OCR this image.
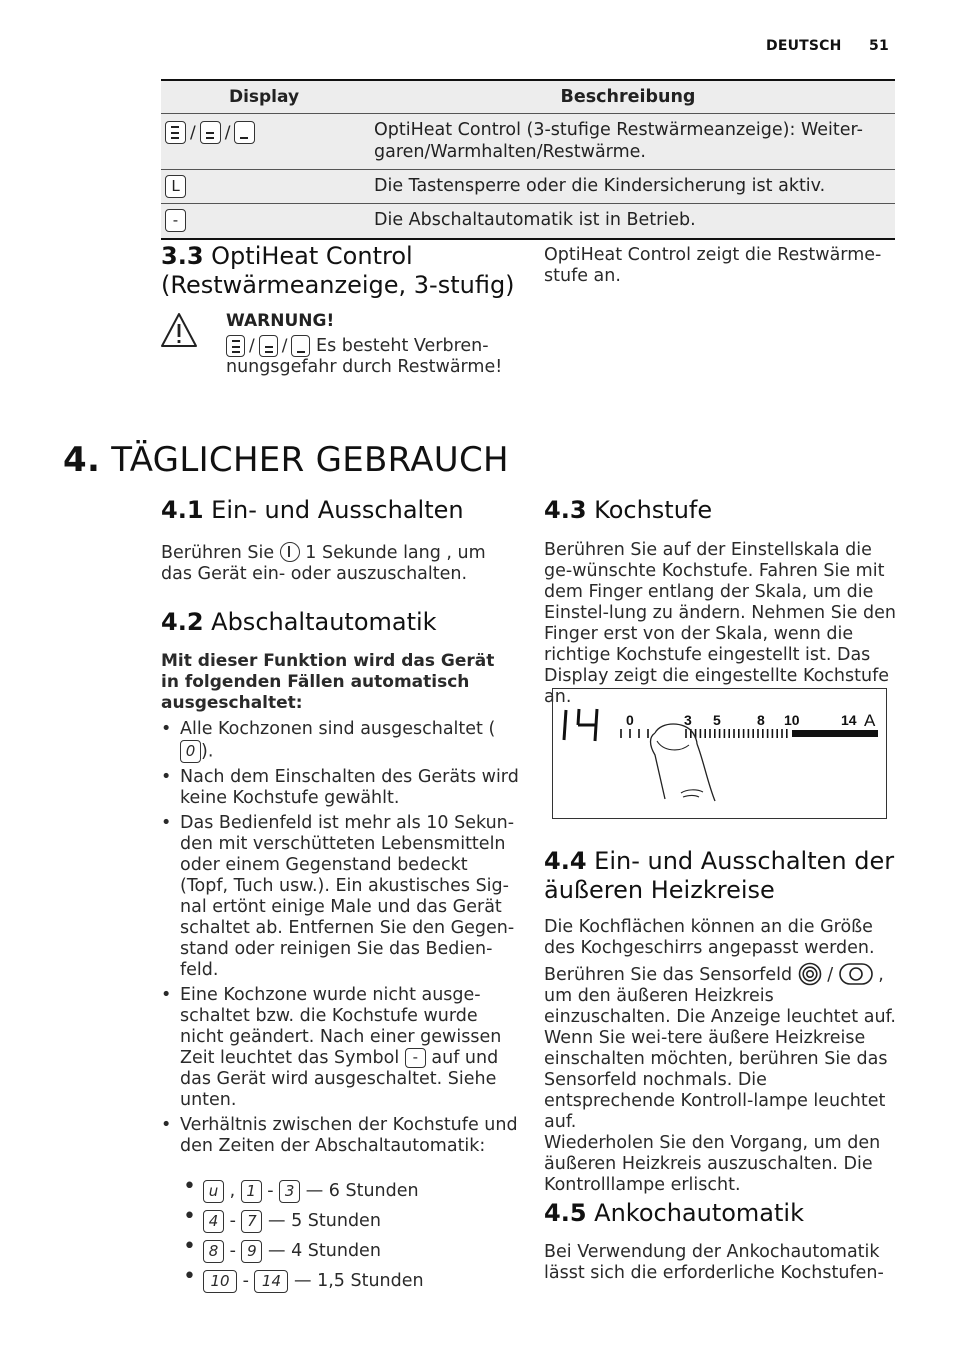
DEUTSCH 51
Display	Beschreibung
/ /	OptiHeat Control (3-stufige Restwärmeanzeige): Weiter-garen/Warmhalten/Restwärme.
L	Die Tastensperre oder die Kindersicherung ist aktiv.
-	Die Abschaltautomatik ist in Betrieb.
3.3 OptiHeat Control (Restwärmeanzeige, 3-stufig)
OptiHeat Control zeigt die Restwärme-stufe an.
WARNUNG!
/ / Es besteht Verbren-nungsgefahr durch Restwärme!
4. TÄGLICHER GEBRAUCH
4.1 Ein- und Ausschalten
Berühren Sie 1 Sekunde lang , um das Gerät ein- oder auszuschalten.
4.2 Abschaltautomatik
Mit dieser Funktion wird das Gerät in folgenden Fällen automatisch ausgeschaltet:
• Alle Kochzonen sind ausgeschaltet (
0 ).
• Nach dem Einschalten des Geräts wird keine Kochstufe gewählt.
• Das Bedienfeld ist mehr als 10 Sekun-den mit verschütteten Lebensmitteln oder einem Gegenstand bedeckt (Topf, Tuch usw.). Ein akustisches Sig-nal ertönt einige Male und das Gerät schaltet ab. Entfernen Sie den Gegen-stand oder reinigen Sie das Bedien-feld.
• Eine Kochzone wurde nicht ausge-schaltet bzw. die Kochstufe wurde nicht geändert. Nach einer gewissen Zeit leuchtet das Symbol - auf und das Gerät wird ausgeschaltet. Siehe unten.
• Verhältnis zwischen der Kochstufe und den Zeiten der Abschaltautomatik:
• u , 1 - 3 — 6 Stunden
• 4 - 7 — 5 Stunden
• 8 - 9 — 4 Stunden
• 10 - 14 — 1,5 Stunden
4.3 Kochstufe
Berühren Sie auf der Einstellskala die ge-wünschte Kochstufe. Fahren Sie mit dem Finger entlang der Skala, um die Einstel-lung zu ändern. Nehmen Sie den Finger erst von der Skala, wenn die richtige Kochstufe eingestellt ist. Das Display zeigt die eingestellte Kochstufe an.
0	3 5	8 10	14 A
4.4 Ein- und Ausschalten der äußeren Heizkreise
Die Kochflächen können an die Größe des Kochgeschirrs angepasst werden.
Berühren Sie das Sensorfeld  /  , um den äußeren Heizkreis einzuschalten. Die Anzeige leuchtet auf. Wenn Sie wei-tere äußere Heizkreise einschalten möchten, berühren Sie das Sensorfeld nochmals. Die entsprechende Kontroll-lampe leuchtet auf.
Wiederholen Sie den Vorgang, um den äußeren Heizkreis auszuschalten. Die Kontrolllampe erlischt.
4.5 Ankochautomatik
Bei Verwendung der Ankochautomatik lässt sich die erforderliche Kochstufen-
